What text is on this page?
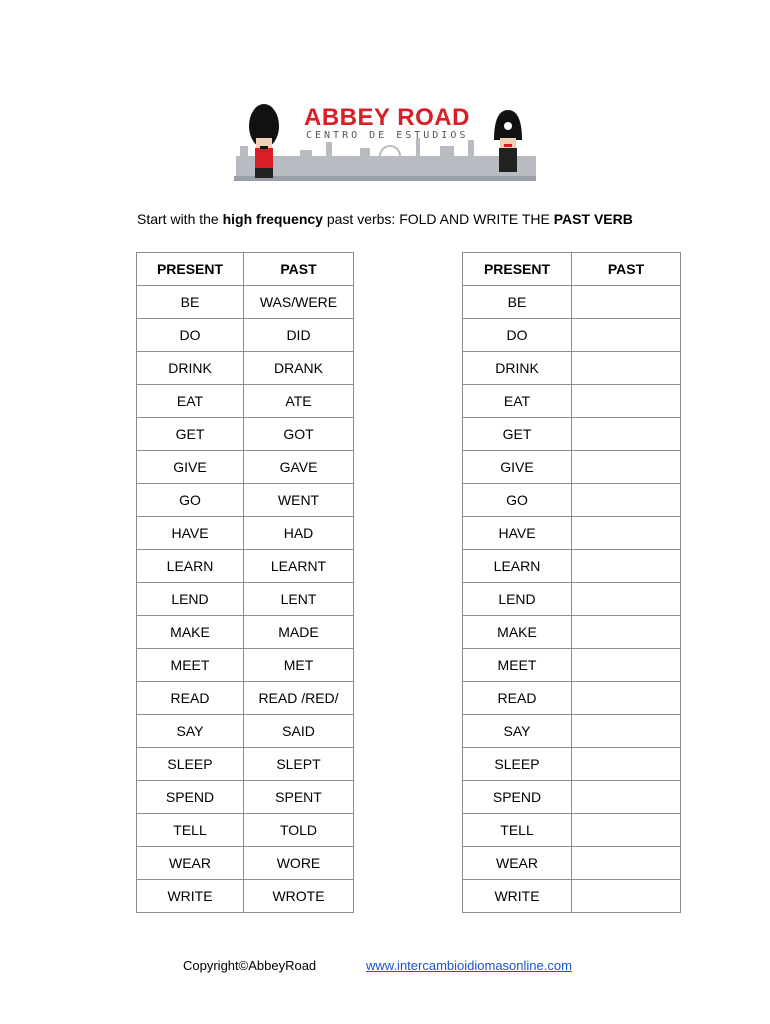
ABBEY ROAD
CENTRO DE ESTUDIOS
Start with the high frequency past verbs: FOLD AND WRITE THE PAST VERB
PRESENT	PAST		PRESENT	PAST
BE	WAS/WERE		BE	
DO	DID		DO	
DRINK	DRANK		DRINK	
EAT	ATE		EAT	
GET	GOT		GET	
GIVE	GAVE		GIVE	
GO	WENT		GO	
HAVE	HAD		HAVE	
LEARN	LEARNT		LEARN	
LEND	LENT		LEND	
MAKE	MADE		MAKE	
MEET	MET		MEET	
READ	READ /RED/		READ	
SAY	SAID		SAY	
SLEEP	SLEPT		SLEEP	
SPEND	SPENT		SPEND	
TELL	TOLD		TELL	
WEAR	WORE		WEAR	
WRITE	WROTE		WRITE	
Copyright©AbbeyRoad	www.intercambioidiomasonline.com
